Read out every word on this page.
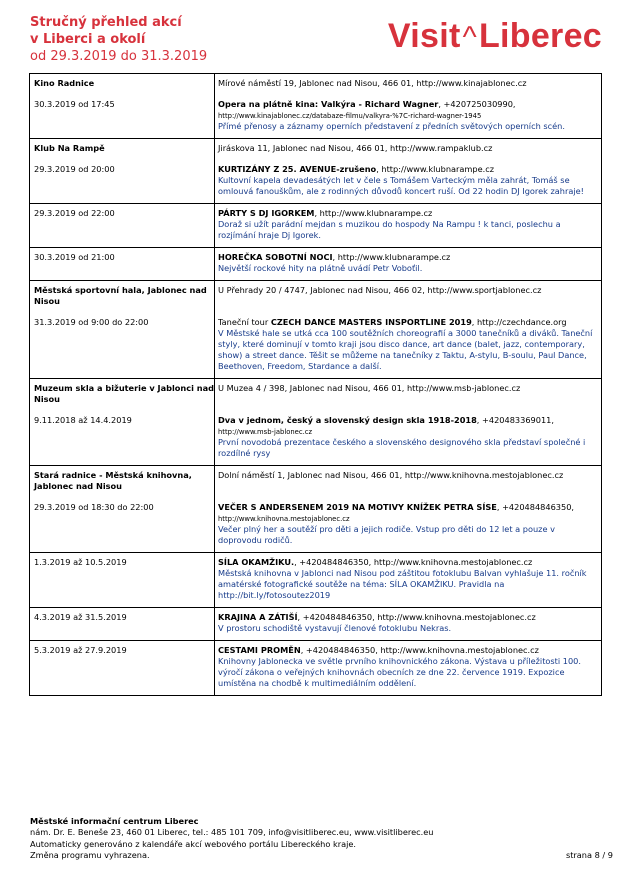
Stručný přehled akcí
v Liberci a okolí
od 29.3.2019 do 31.3.2019
Visit^Liberec
Kino Radnice	Mírové náměstí 19, Jablonec nad Nisou, 466 01, http://www.kinajablonec.cz

30.3.2019 od 17:45	Opera na plátně kina: Valkýra - Richard Wagner, +420725030990,
http://www.kinajablonec.cz/databaze-filmu/valkyra-%7C-richard-wagner-1945
Přímé přenosy a záznamy operních představení z předních světových operních scén.
Klub Na Rampě	Jiráskova 11, Jablonec nad Nisou, 466 01, http://www.rampaklub.cz

29.3.2019 od 20:00	KURTIZÁNY Z 25. AVENUE-zrušeno, http://www.klubnarampe.cz
Kultovní kapela devadesátých let v čele s Tomášem Varteckým měla zahrát, Tomáš se omlouvá fanouškům, ale z rodinných důvodů koncert ruší. Od 22 hodin DJ Igorek zahraje!
29.3.2019 od 22:00	PÁRTY S DJ IGORKEM, http://www.klubnarampe.cz
Doraž si užít parádní mejdan s muzikou do hospody Na Rampu ! k tanci, poslechu a rozjímání hraje Dj Igorek.
30.3.2019 od 21:00	HOREČKA SOBOTNÍ NOCI, http://www.klubnarampe.cz
Největší rockové hity na plátně uvádí Petr Voboťil.
Městská sportovní hala, Jablonec nad Nisou	U Přehrady 20 / 4747, Jablonec nad Nisou, 466 02, http://www.sportjablonec.cz

31.3.2019 od 9:00 do 22:00	Taneční tour CZECH DANCE MASTERS INSPORTLINE 2019, http://czechdance.org
V Městské hale se utká cca 100 soutěžních choreografií a 3000 tanečníků a diváků. Taneční styly, které dominují v tomto kraji jsou disco dance, art dance (balet, jazz, contemporary, show) a street dance. Těšit se můžeme na tanečníky z Taktu, A-stylu, B-soulu, Paul Dance, Beethoven, Freedom, Stardance a další.
Muzeum skla a bižuterie v Jablonci nad Nisou	U Muzea 4 / 398, Jablonec nad Nisou, 466 01, http://www.msb-jablonec.cz

9.11.2018 až 14.4.2019	Dva v jednom, český a slovenský design skla 1918-2018, +420483369011,
http://www.msb-jablonec.cz
První novodobá prezentace českého a slovenského designového skla představí společné i rozdílné rysy
Stará radnice - Městská knihovna, Jablonec nad Nisou	Dolní náměstí 1, Jablonec nad Nisou, 466 01, http://www.knihovna.mestojablonec.cz

29.3.2019 od 18:30 do 22:00	VEČER S ANDERSENEM 2019 NA MOTIVY KNÍŽEK PETRA SÍSE, +420484846350,
http://www.knihovna.mestojablonec.cz
Večer plný her a soutěží pro děti a jejich rodiče. Vstup pro děti do 12 let a pouze v doprovodu rodičů.
1.3.2019 až 10.5.2019	SÍLA OKAMŽIKU., +420484846350, http://www.knihovna.mestojablonec.cz
Městská knihovna v Jablonci nad Nisou pod záštitou fotoklubu Balvan vyhlašuje 11. ročník amatérské fotografické soutěže na téma: SÍLA OKAMŽIKU. Pravidla na http://bit.ly/fotosoutez2019
4.3.2019 až 31.5.2019	KRAJINA A ZÁTIŠÍ, +420484846350, http://www.knihovna.mestojablonec.cz
V prostoru schodiště vystavují členové fotoklubu Nekras.
5.3.2019 až 27.9.2019	CESTAMI PROMĚN, +420484846350, http://www.knihovna.mestojablonec.cz
Knihovny Jablonecka ve světle prvního knihovnického zákona. Výstava u příležitosti 100. výročí zákona o veřejných knihovnách obecních ze dne 22. července 1919. Expozice umístěna na chodbě k multimediálním oddělení.
Městské informační centrum Liberec
nám. Dr. E. Beneše 23, 460 01 Liberec, tel.: 485 101 709, info@visitliberec.eu, www.visitliberec.eu
Automaticky generováno z kalendáře akcí webového portálu Libereckého kraje.
Změna programu vyhrazena.	strana 8 / 9
